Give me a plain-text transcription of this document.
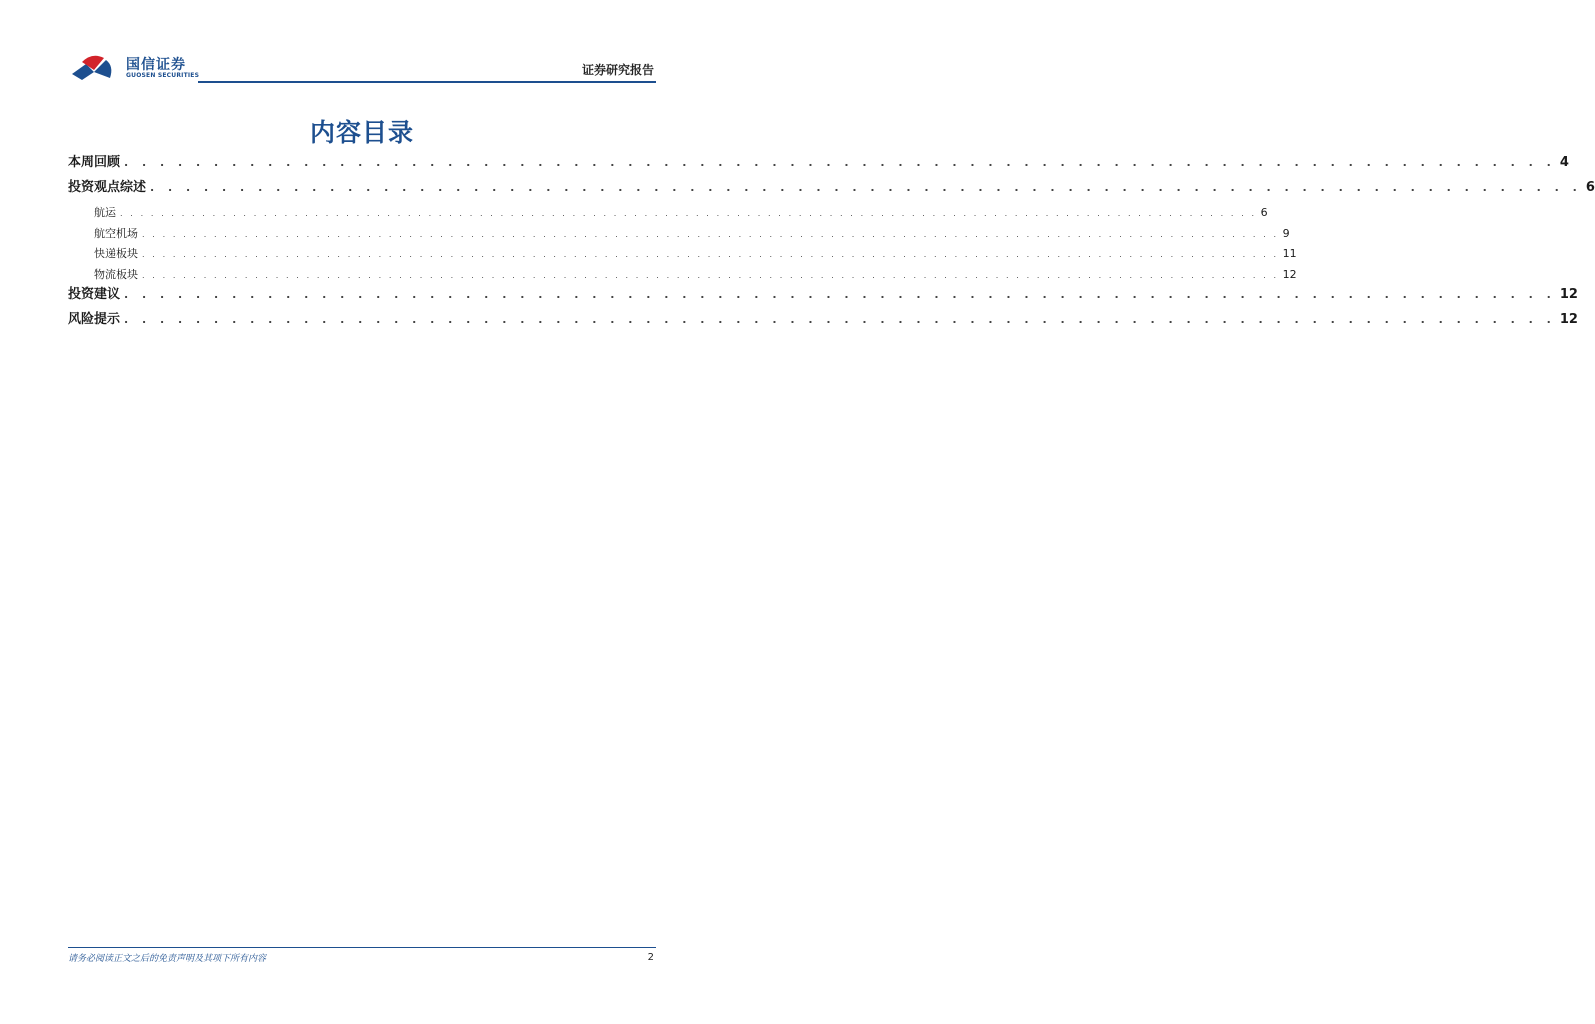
国信证券
GUOSEN SECURITIES	证券研究报告
内容目录
本周回顾 . . . . . . . . . . . . . . . . . . . . . . . . . . . . . . . . . . . . . . . . . . . . . . . . . . . . . . . . . . . . . . . . . . . . . . . . . . . . . . . . 4
投资观点综述 . . . . . . . . . . . . . . . . . . . . . . . . . . . . . . . . . . . . . . . . . . . . . . . . . . . . . . . . . . . . . . . . . . . . . . . . . . . . . . . . 6
航运 . . . . . . . . . . . . . . . . . . . . . . . . . . . . . . . . . . . . . . . . . . . . . . . . . . . . . . . . . . . . . . . . . . . . . . . . . . . . . . . . . . . . . . . . . . . . . . . . . . . . . . . . . . . . . . . 6
航空机场 . . . . . . . . . . . . . . . . . . . . . . . . . . . . . . . . . . . . . . . . . . . . . . . . . . . . . . . . . . . . . . . . . . . . . . . . . . . . . . . . . . . . . . . . . . . . . . . . . . . . . . . . . . . . . . . 9
快递板块 . . . . . . . . . . . . . . . . . . . . . . . . . . . . . . . . . . . . . . . . . . . . . . . . . . . . . . . . . . . . . . . . . . . . . . . . . . . . . . . . . . . . . . . . . . . . . . . . . . . . . . . . . . . . . . . 11
物流板块 . . . . . . . . . . . . . . . . . . . . . . . . . . . . . . . . . . . . . . . . . . . . . . . . . . . . . . . . . . . . . . . . . . . . . . . . . . . . . . . . . . . . . . . . . . . . . . . . . . . . . . . . . . . . . . . 12
投资建议 . . . . . . . . . . . . . . . . . . . . . . . . . . . . . . . . . . . . . . . . . . . . . . . . . . . . . . . . . . . . . . . . . . . . . . . . . . . . . . . . 12
风险提示 . . . . . . . . . . . . . . . . . . . . . . . . . . . . . . . . . . . . . . . . . . . . . . . . . . . . . . . . . . . . . . . . . . . . . . . . . . . . . . . . 12
请务必阅读正文之后的免责声明及其项下所有内容	2
